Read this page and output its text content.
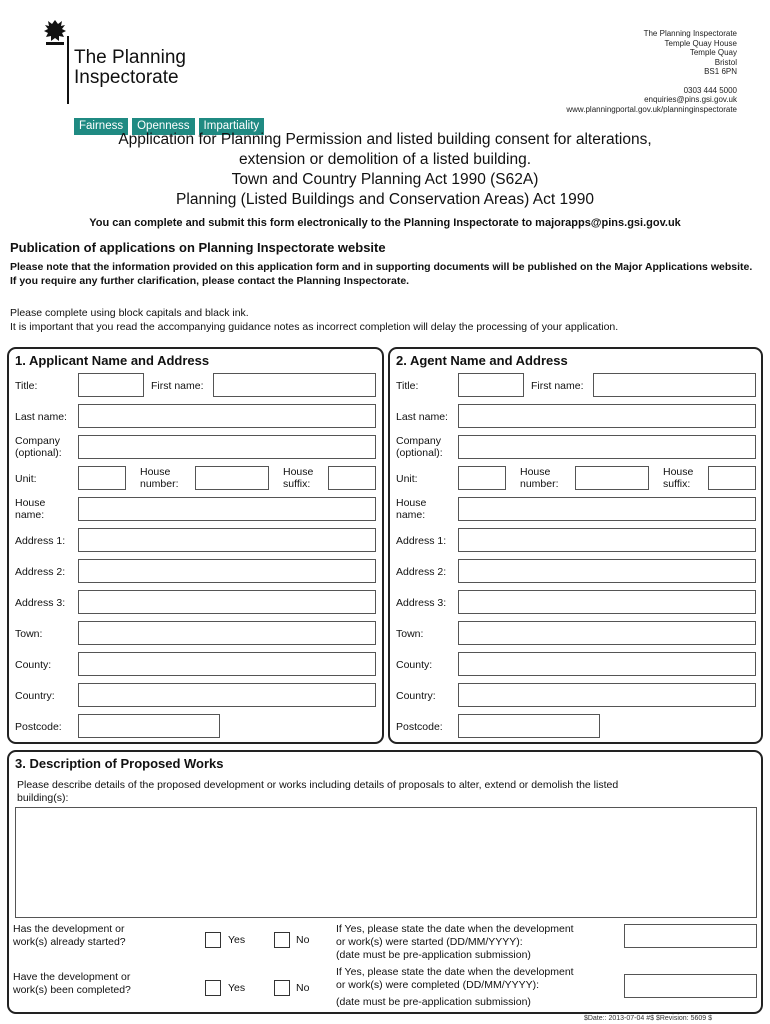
The Planning
Inspectorate
Fairness	Openness	Impartiality
The Planning Inspectorate
Temple Quay House
Temple Quay
Bristol
BS1 6PN
0303 444 5000
enquiries@pins.gsi.gov.uk
www.planningportal.gov.uk/planninginspectorate
Application for Planning Permission and listed building consent for alterations,
extension or demolition of a listed building.
Town and Country Planning Act 1990 (S62A)
Planning (Listed Buildings and Conservation Areas) Act 1990
You can complete and submit this form electronically to the Planning Inspectorate to majorapps@pins.gsi.gov.uk
Publication of applications on Planning Inspectorate website
Please note that the information provided on this application form and in supporting documents will be published on the Major Applications website. If you require any further clarification, please contact the Planning Inspectorate.
Please complete using block capitals and black ink.
It is important that you read the accompanying guidance notes as incorrect completion will delay the processing of your application.
1. Applicant Name and Address
Title:	First name:
Last name:
Company
(optional):
Unit:
House
number:
House
suffix:
House
name:
Address 1:
Address 2:
Address 3:
Town:
County:
Country:
Postcode:
2. Agent Name and Address
Title:	First name:
Last name:
Company
(optional):
Unit:
House
number:
House
suffix:
House
name:
Address 1:
Address 2:
Address 3:
Town:
County:
Country:
Postcode:
3. Description of Proposed Works
Please describe details of the proposed development or works including details of proposals to alter, extend or demolish the listed
building(s):
Has the development or
work(s) already started?	Yes	No
If Yes, please state the date when the development
or work(s) were started (DD/MM/YYYY):
(date must be pre-application submission)
Have the development or
work(s) been completed?	Yes	No
If Yes, please state the date when the development
or work(s) were completed (DD/MM/YYYY):
(date must be pre-application submission)
$Date:: 2013-07-04 #$ $Revision: 5609 $
